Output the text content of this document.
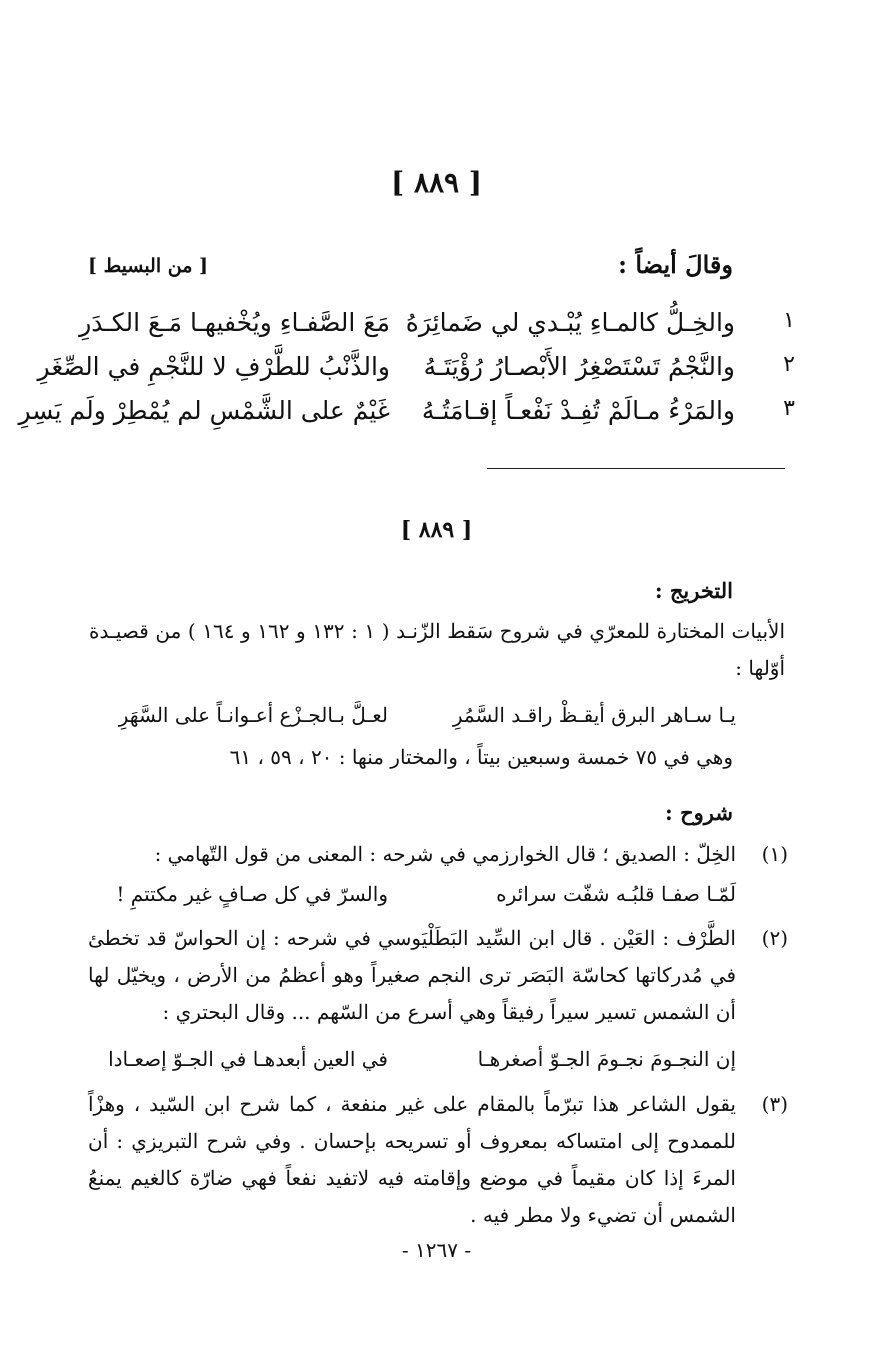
[ ٨٨٩ ]
وقالَ أيضاً :
[ من البسيط ]
١
والخِـلُّ كالمـاءِ يُبْـدي لي ضَمائِرَهُ
مَعَ الصَّفـاءِ ويُخْفيهـا مَـعَ الكـدَرِ
٢
والنَّجْمُ تَسْتَصْغِرُ الأَبْصـارُ رُؤْيَتَـهُ
والذَّنْبُ للطَّرْفِ لا للنَّجْمِ في الصِّغَرِ
٣
والمَرْءُ مـالَمْ تُفِـدْ نَفْعـاً إقـامَتُـهُ
غَيْمٌ على الشَّمْسِ لم يُمْطِرْ ولَم يَسِرِ
[ ٨٨٩ ]
التخريج :
الأبيات المختارة للمعرّي في شروح سَقط الزّنـد ( ١ : ١٣٢ و ١٦٢ و ١٦٤ ) من قصيـدة أوّلها :
يـا سـاهر البرق أيقـظْ راقـد السَّمُرِ
لعـلَّ بـالجـزْع أعـوانـاً على السَّهَرِ
وهي في ٧٥ خمسة وسبعين بيتاً ، والمختار منها : ٢٠ ، ٥٩ ، ٦١
شروح :
(١)
الخِلّ : الصديق ؛ قال الخوارزمي في شرحه : المعنى من قول التّهامي :
لَمّـا صفـا قلبُـه شفّت سرائره
والسرّ في كل صـافٍ غير مكتتمِ !
(٢)
الطَّرْف : العَيْن . قال ابن السِّيد البَطَلْيَوسي في شرحه : إن الحواسّ قد تخطئ في مُدركاتها كحاسّة البَصَر ترى النجم صغيراً وهو أعظمُ من الأرض ، ويخيّل لها أن الشمس تسير سيراً رفيقاً وهي أسرع من السّهم ... وقال البحتري :
إن النجـومَ نجـومَ الجـوّ أصغرهـا
في العين أبعدهـا في الجـوّ إصعـادا
(٣)
يقول الشاعر هذا تبرّماً بالمقام على غير منفعة ، كما شرح ابن السّيد ، وهزْاً للممدوح إلى امتساكه بمعروف أو تسريحه بإحسان . وفي شرح التبريزي : أن المرءَ إذا كان مقيماً في موضع وإقامته فيه لاتفيد نفعاً فهي ضارّة كالغيم يمنعُ الشمس أن تضيء ولا مطر فيه .
- ١٢٦٧ -
